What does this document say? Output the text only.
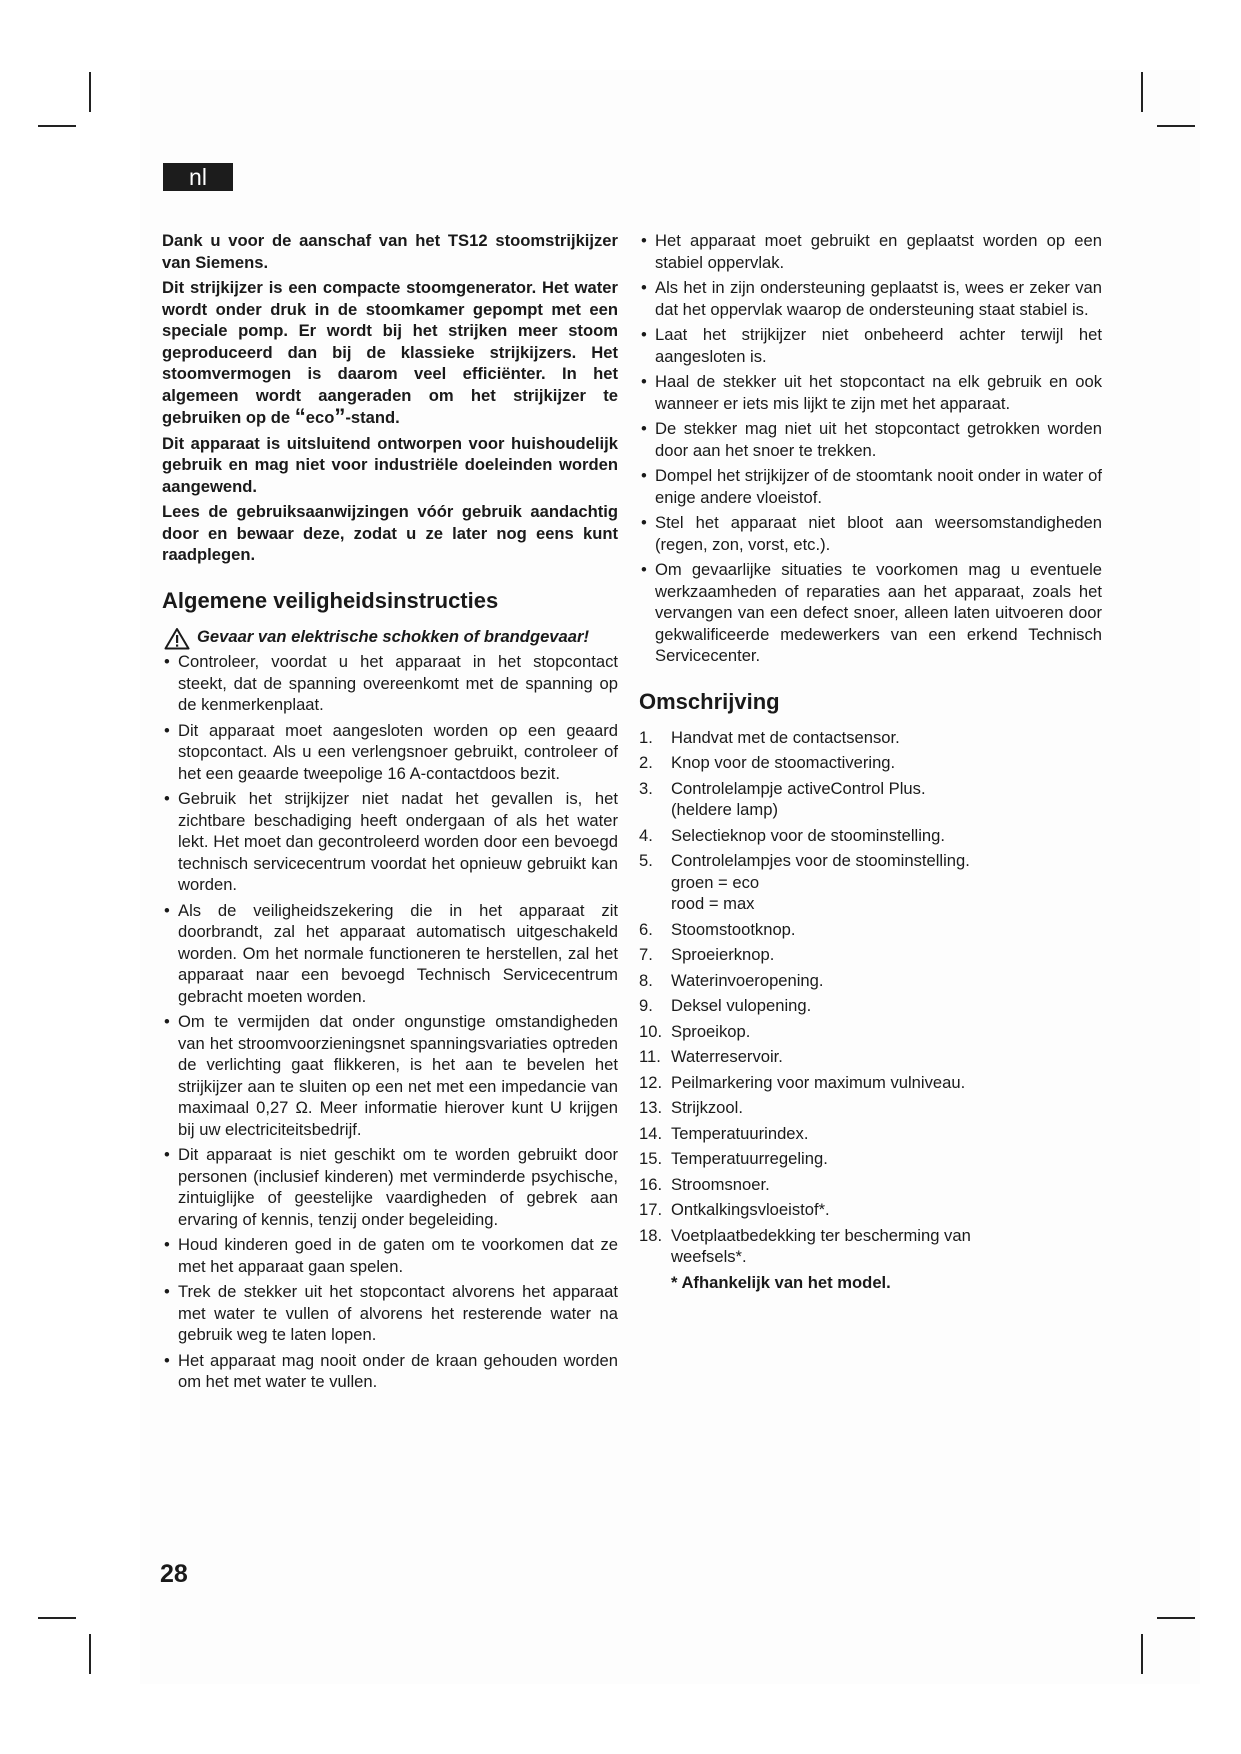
nl

Dank u voor de aanschaf van het TS12 stoomstrijkijzer van Siemens.

Dit strijkijzer is een compacte stoomgenerator. Het water wordt onder druk in de stoomkamer gepompt met een speciale pomp. Er wordt bij het strijken meer stoom geproduceerd dan bij de klassieke strijkijzers. Het stoomvermogen is daarom veel efficiënter. In het algemeen wordt aangeraden om het strijkijzer te gebruiken op de “eco”-stand.

Dit apparaat is uitsluitend ontworpen voor huishoudelijk gebruik en mag niet voor industriële doeleinden worden aangewend.

Lees de gebruiksaanwijzingen vóór gebruik aandachtig door en bewaar deze, zodat u ze later nog eens kunt raadplegen.

Algemene veiligheidsinstructies
Gevaar van elektrische schokken of brandgevaar!
• Controleer, voordat u het apparaat in het stopcontact steekt, dat de spanning overeenkomt met de spanning op de kenmerkenplaat.
• Dit apparaat moet aangesloten worden op een geaard stopcontact. Als u een verlengsnoer gebruikt, controleer of het een geaarde tweepolige 16 A-contactdoos bezit.
• Gebruik het strijkijzer niet nadat het gevallen is, het zichtbare beschadiging heeft ondergaan of als het water lekt. Het moet dan gecontroleerd worden door een bevoegd technisch servicecentrum voordat het opnieuw gebruikt kan worden.
• Als de veiligheidszekering die in het apparaat zit doorbrandt, zal het apparaat automatisch uitgeschakeld worden. Om het normale functioneren te herstellen, zal het apparaat naar een bevoegd Technisch Servicecentrum gebracht moeten worden.
• Om te vermijden dat onder ongunstige omstandigheden van het stroomvoorzieningsnet spanningsvariaties optreden de verlichting gaat flikkeren, is het aan te bevelen het strijkijzer aan te sluiten op een net met een impedancie van maximaal 0,27 Ω. Meer informatie hierover kunt U krijgen bij uw electriciteitsbedrijf.
• Dit apparaat is niet geschikt om te worden gebruikt door personen (inclusief kinderen) met verminderde psychische, zintuiglijke of geestelijke vaardigheden of gebrek aan ervaring of kennis, tenzij onder begeleiding.
• Houd kinderen goed in de gaten om te voorkomen dat ze met het apparaat gaan spelen.
• Trek de stekker uit het stopcontact alvorens het apparaat met water te vullen of alvorens het resterende water na gebruik weg te laten lopen.
• Het apparaat mag nooit onder de kraan gehouden worden om het met water te vullen.
• Het apparaat moet gebruikt en geplaatst worden op een stabiel oppervlak.
• Als het in zijn ondersteuning geplaatst is, wees er zeker van dat het oppervlak waarop de ondersteuning staat stabiel is.
• Laat het strijkijzer niet onbeheerd achter terwijl het aangesloten is.
• Haal de stekker uit het stopcontact na elk gebruik en ook wanneer er iets mis lijkt te zijn met het apparaat.
• De stekker mag niet uit het stopcontact getrokken worden door aan het snoer te trekken.
• Dompel het strijkijzer of de stoomtank nooit onder in water of enige andere vloeistof.
• Stel het apparaat niet bloot aan weersomstandigheden (regen, zon, vorst, etc.).
• Om gevaarlijke situaties te voorkomen mag u eventuele werkzaamheden of reparaties aan het apparaat, zoals het vervangen van een defect snoer, alleen laten uitvoeren door gekwalificeerde medewerkers van een erkend Technisch Servicecenter.
Omschrijving
1. Handvat met de contactsensor.
2. Knop voor de stoomactivering.
3. Controlelampje activeControl Plus.
(heldere lamp)
4. Selectieknop voor de stoominstelling.
5. Controlelampjes voor de stoominstelling.
groen = eco
rood = max
6. Stoomstootknop.
7. Sproeierknop.
8. Waterinvoeropening.
9. Deksel vulopening.
10. Sproeikop.
11. Waterreservoir.
12. Peilmarkering voor maximum vulniveau.
13. Strijkzool.
14. Temperatuurindex.
15. Temperatuurregeling.
16. Stroomsnoer.
17. Ontkalkingsvloeistof*.
18. Voetplaatbedekking ter bescherming van
weefsels*.

* Afhankelijk van het model.

28
